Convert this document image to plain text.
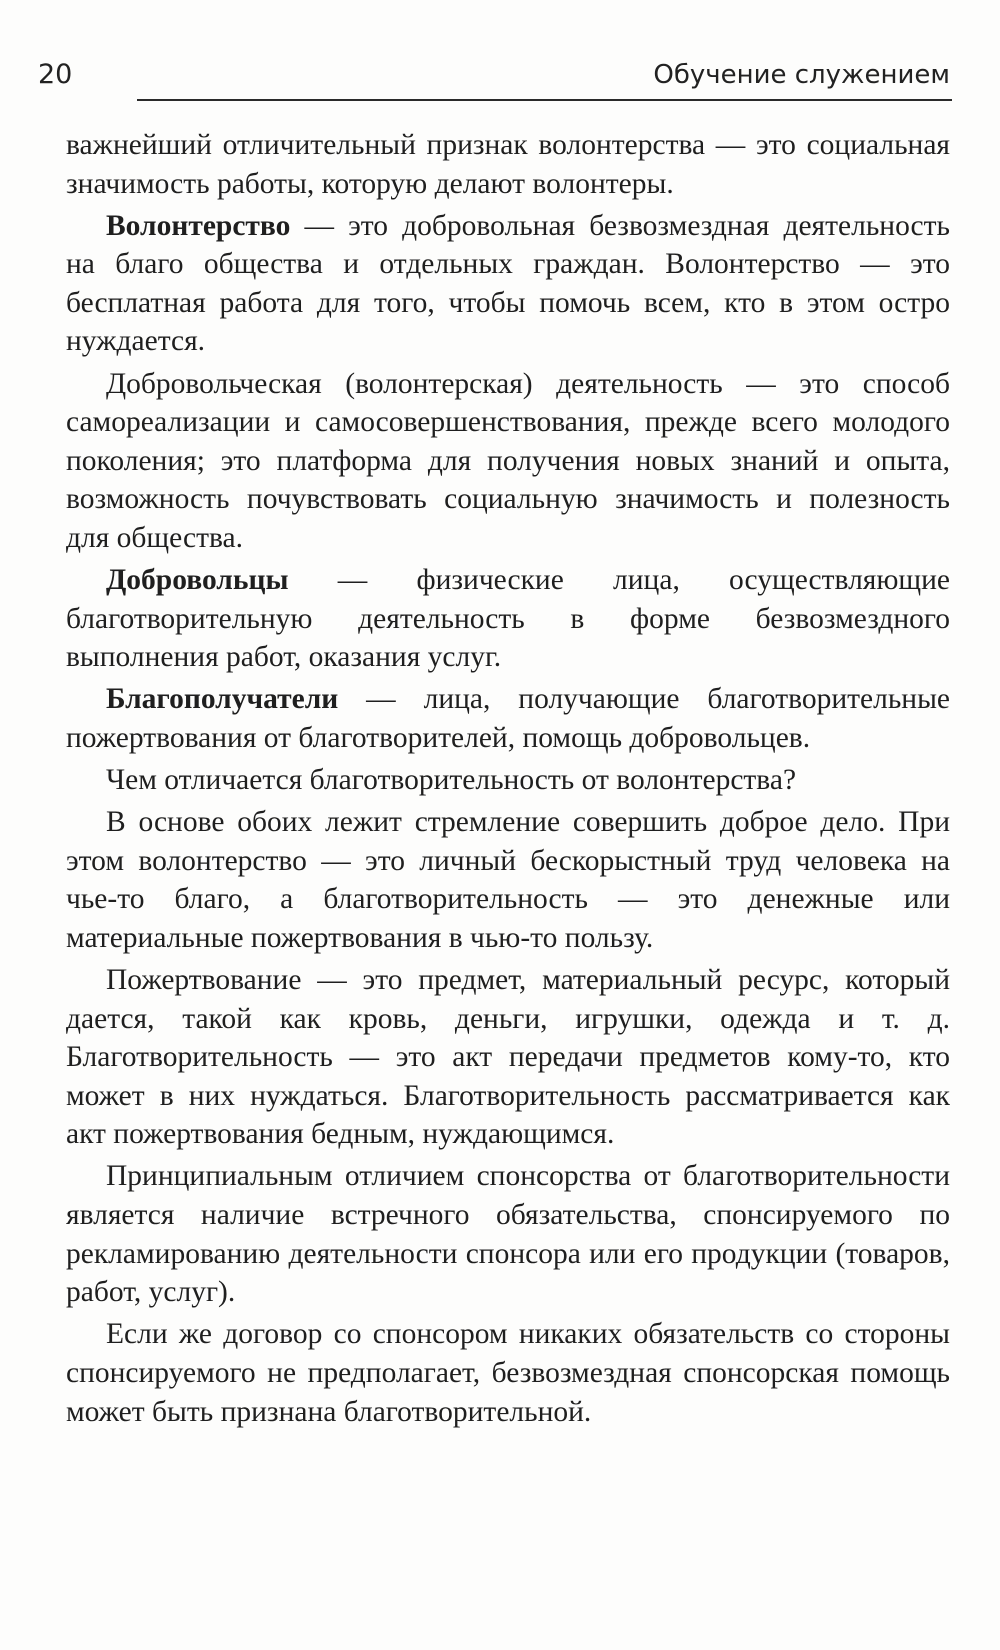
20	Обучение служением

важнейший отличительный признак волонтерства — это социальная значимость работы, которую делают волонтеры.

Волонтерство — это добровольная безвозмездная деятельность на благо общества и отдельных граждан. Волонтерство — это бесплатная работа для того, чтобы помочь всем, кто в этом остро нуждается.

Добровольческая (волонтерская) деятельность — это способ самореализации и самосовершенствования, прежде всего молодого поколения; это платформа для получения новых знаний и опыта, возможность почувствовать социальную значимость и полезность для общества.

Добровольцы — физические лица, осуществляющие благотворительную деятельность в форме безвозмездного выполнения работ, оказания услуг.

Благополучатели — лица, получающие благотворительные пожертвования от благотворителей, помощь добровольцев.

Чем отличается благотворительность от волонтерства?

В основе обоих лежит стремление совершить доброе дело. При этом волонтерство — это личный бескорыстный труд человека на чье-то благо, а благотворительность — это денежные или материальные пожертвования в чью-то пользу.

Пожертвование — это предмет, материальный ресурс, который дается, такой как кровь, деньги, игрушки, одежда и т. д. Благотворительность — это акт передачи предметов кому-то, кто может в них нуждаться. Благотворительность рассматривается как акт пожертвования бедным, нуждающимся.

Принципиальным отличием спонсорства от благотворительности является наличие встречного обязательства, спонсируемого по рекламированию деятельности спонсора или его продукции (товаров, работ, услуг).

Если же договор со спонсором никаких обязательств со стороны спонсируемого не предполагает, безвозмездная спонсорская помощь может быть признана благотворительной.
